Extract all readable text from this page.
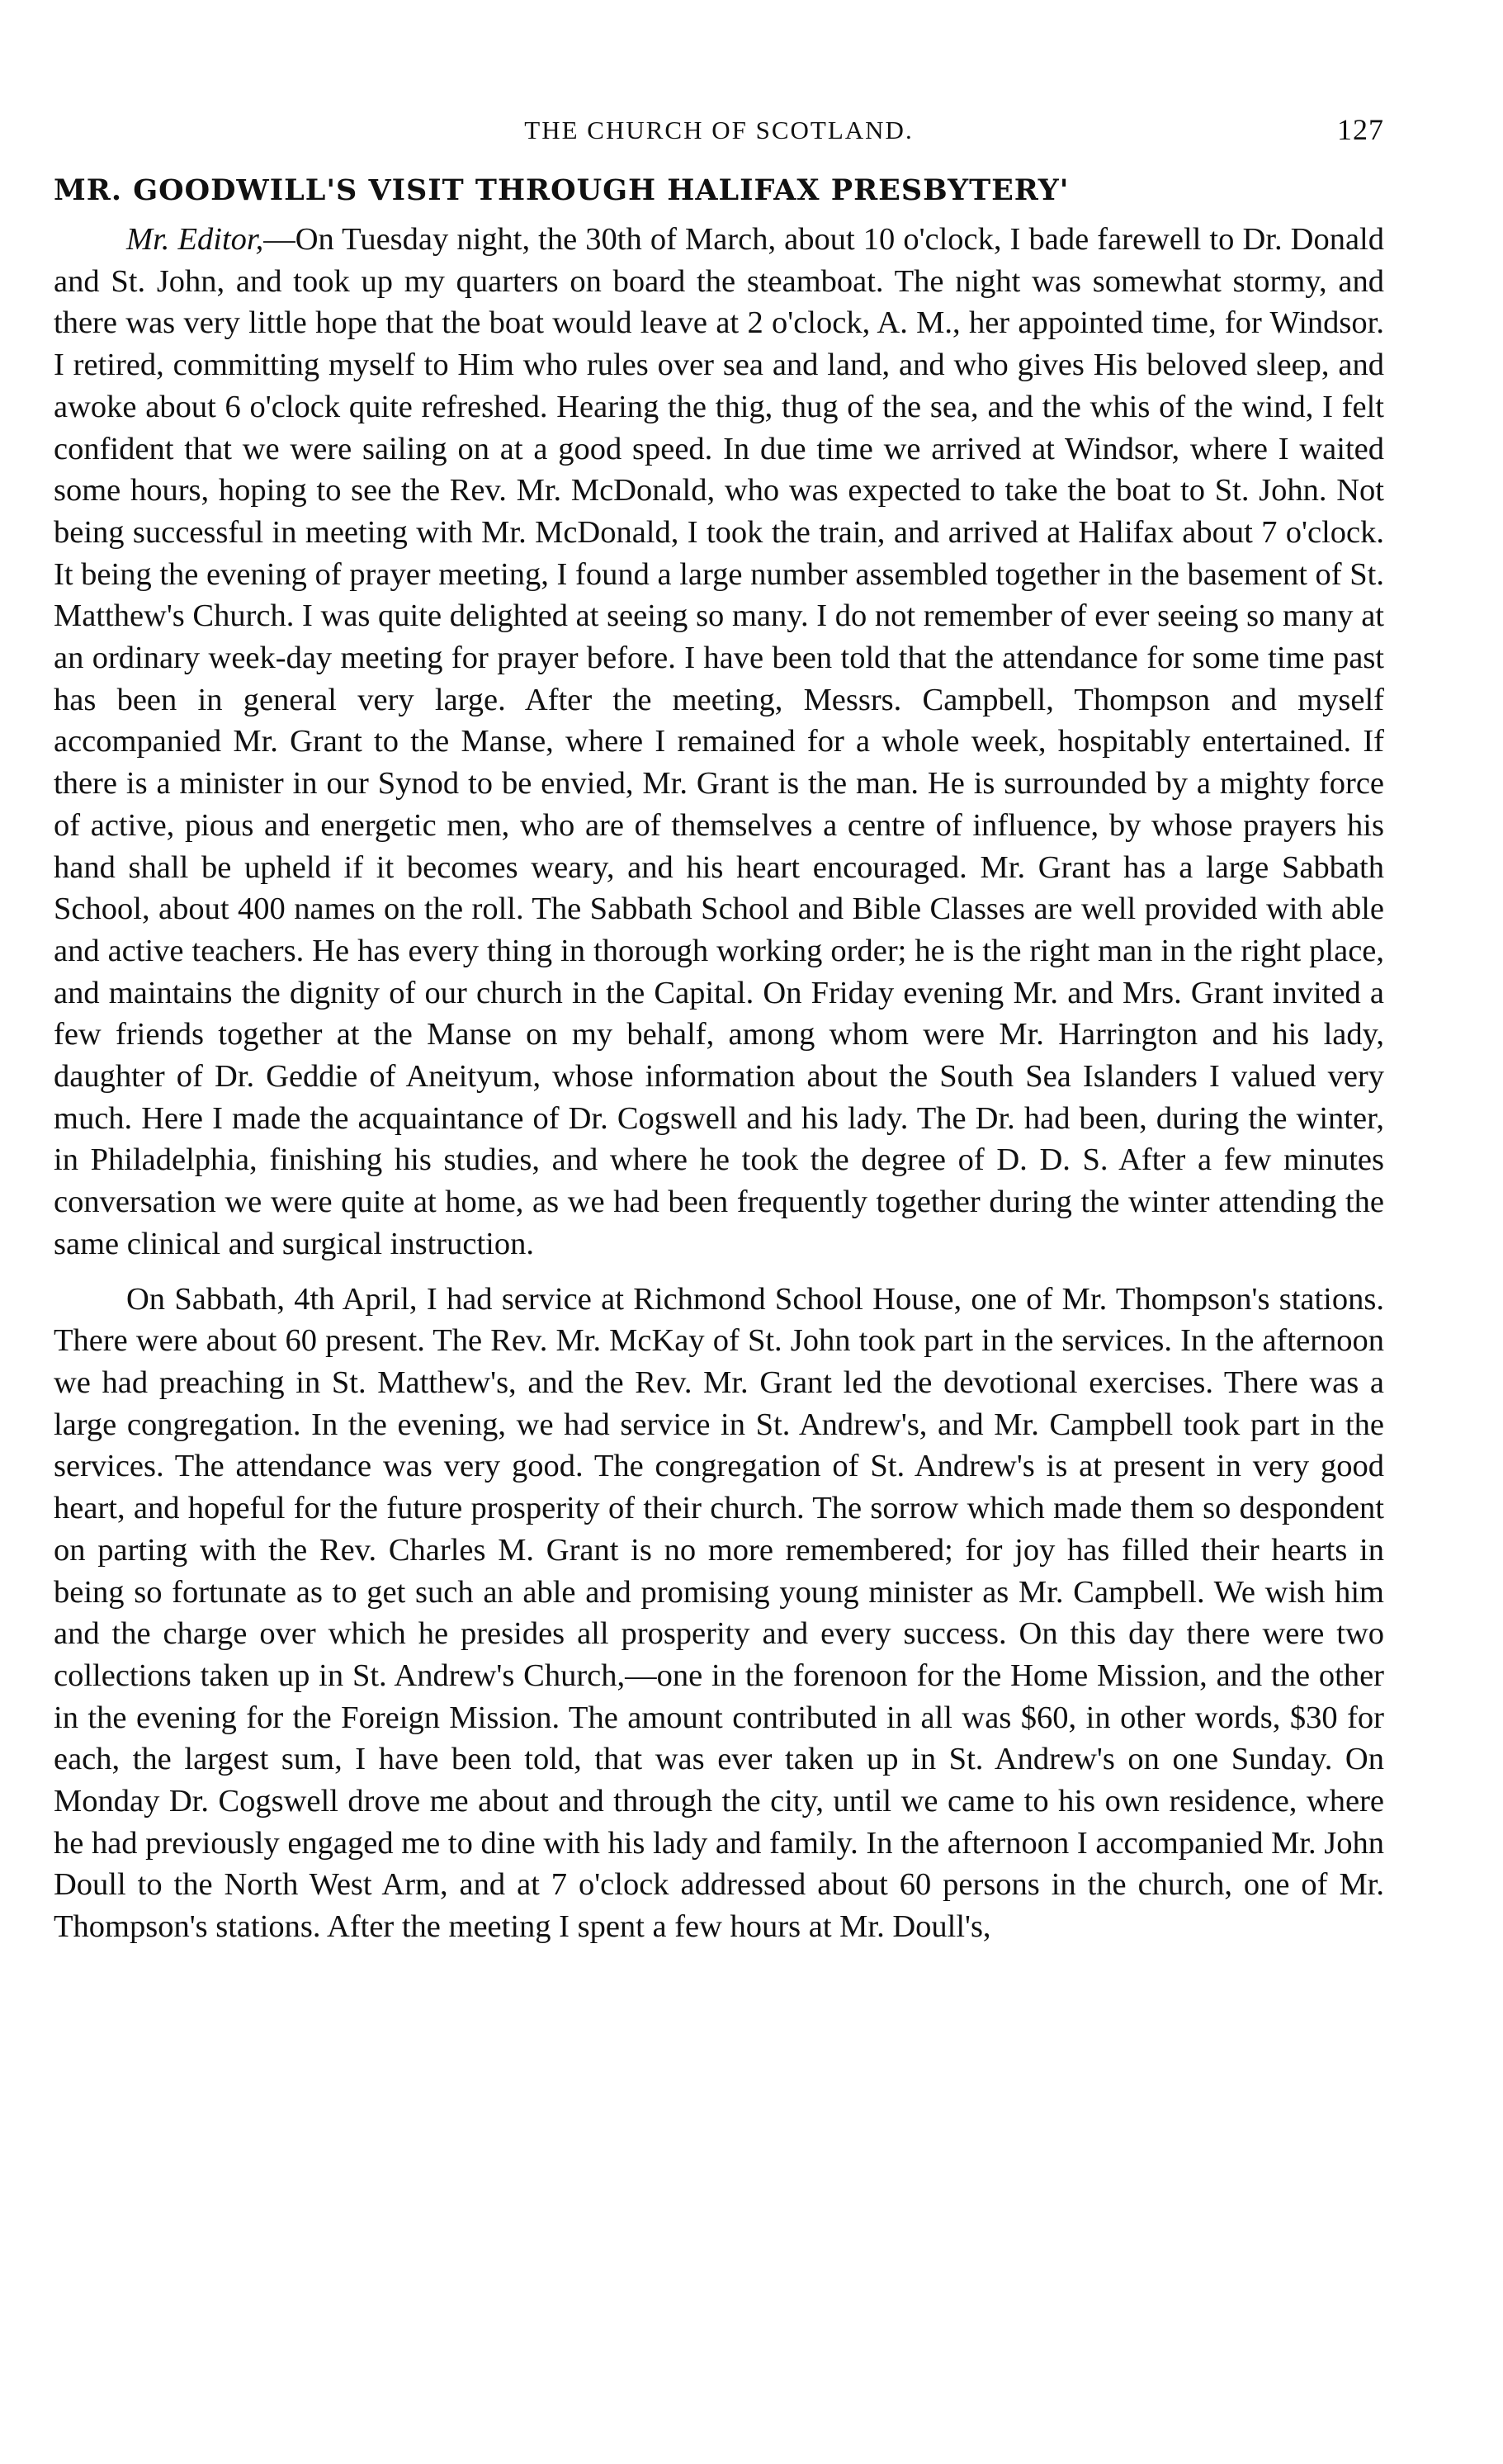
THE CHURCH OF SCOTLAND.	127
MR. GOODWILL'S VISIT THROUGH HALIFAX PRESBYTERY'

Mr. Editor,—On Tuesday night, the 30th of March, about 10 o'clock, I bade farewell to Dr. Donald and St. John, and took up my quarters on board the steamboat. The night was somewhat stormy, and there was very little hope that the boat would leave at 2 o'clock, A. M., her appointed time, for Windsor. I retired, committing myself to Him who rules over sea and land, and who gives His beloved sleep, and awoke about 6 o'clock quite refreshed. Hearing the thig, thug of the sea, and the whis of the wind, I felt confident that we were sailing on at a good speed. In due time we arrived at Windsor, where I waited some hours, hoping to see the Rev. Mr. McDonald, who was expected to take the boat to St. John. Not being successful in meeting with Mr. McDonald, I took the train, and arrived at Halifax about 7 o'clock. It being the evening of prayer meeting, I found a large number assembled together in the basement of St. Matthew's Church. I was quite delighted at seeing so many. I do not remember of ever seeing so many at an ordinary week-day meeting for prayer before. I have been told that the attendance for some time past has been in general very large. After the meeting, Messrs. Campbell, Thompson and myself accompanied Mr. Grant to the Manse, where I remained for a whole week, hospitably entertained. If there is a minister in our Synod to be envied, Mr. Grant is the man. He is surrounded by a mighty force of active, pious and energetic men, who are of themselves a centre of influence, by whose prayers his hand shall be upheld if it becomes weary, and his heart encouraged. Mr. Grant has a large Sabbath School, about 400 names on the roll. The Sabbath School and Bible Classes are well provided with able and active teachers. He has every thing in thorough working order; he is the right man in the right place, and maintains the dignity of our church in the Capital. On Friday evening Mr. and Mrs. Grant invited a few friends together at the Manse on my behalf, among whom were Mr. Harrington and his lady, daughter of Dr. Geddie of Aneityum, whose information about the South Sea Islanders I valued very much. Here I made the acquaintance of Dr. Cogswell and his lady. The Dr. had been, during the winter, in Philadelphia, finishing his studies, and where he took the degree of D. D. S. After a few minutes conversation we were quite at home, as we had been frequently together during the winter attending the same clinical and surgical instruction.

On Sabbath, 4th April, I had service at Richmond School House, one of Mr. Thompson's stations. There were about 60 present. The Rev. Mr. McKay of St. John took part in the services. In the afternoon we had preaching in St. Matthew's, and the Rev. Mr. Grant led the devotional exercises. There was a large congregation. In the evening, we had service in St. Andrew's, and Mr. Campbell took part in the services. The attendance was very good. The congregation of St. Andrew's is at present in very good heart, and hopeful for the future prosperity of their church. The sorrow which made them so despondent on parting with the Rev. Charles M. Grant is no more remembered; for joy has filled their hearts in being so fortunate as to get such an able and promising young minister as Mr. Campbell. We wish him and the charge over which he presides all prosperity and every success. On this day there were two collections taken up in St. Andrew's Church,—one in the forenoon for the Home Mission, and the other in the evening for the Foreign Mission. The amount contributed in all was $60, in other words, $30 for each, the largest sum, I have been told, that was ever taken up in St. Andrew's on one Sunday. On Monday Dr. Cogswell drove me about and through the city, until we came to his own residence, where he had previously engaged me to dine with his lady and family. In the afternoon I accompanied Mr. John Doull to the North West Arm, and at 7 o'clock addressed about 60 persons in the church, one of Mr. Thompson's stations. After the meeting I spent a few hours at Mr. Doull's,
